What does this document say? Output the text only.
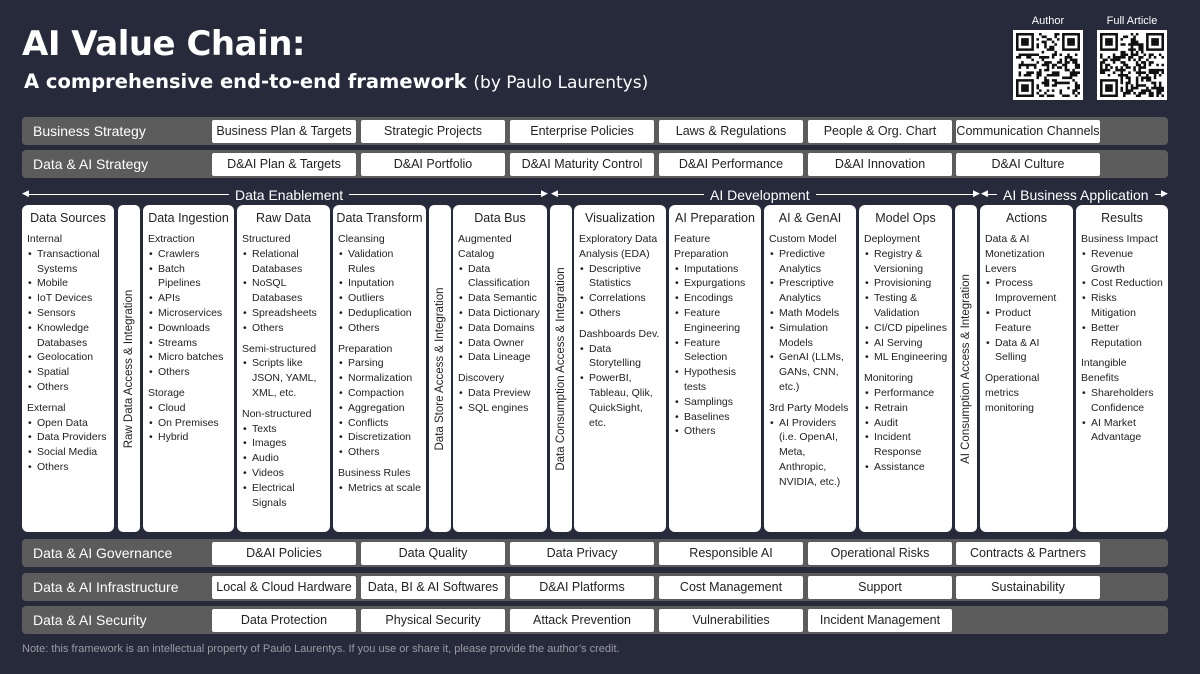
AI Value Chain:
A comprehensive end-to-end framework (by Paulo Laurentys)
Author	Full Article
Business Strategy	Business Plan & Targets	Strategic Projects	Enterprise Policies	Laws & Regulations	People & Org. Chart	Communication Channels
Data & AI Strategy	D&AI Plan & Targets	D&AI Portfolio	D&AI Maturity Control	D&AI Performance	D&AI Innovation	D&AI Culture
◀	▶
Data Enablement	◀	▶
AI Development	◀	▶
AI Business Application
Data Sources
Internal
• Transactional Systems
• Mobile
• IoT Devices
• Sensors
• Knowledge Databases
• Geolocation
• Spatial
• Others
External
• Open Data
• Data Providers
• Social Media
• Others
Raw Data Access & Integration
Data Ingestion
Extraction
• Crawlers
• Batch Pipelines
• APIs
• Microservices
• Downloads
• Streams
• Micro batches
• Others
Storage
• Cloud
• On Premises
• Hybrid
Raw Data
Structured
• Relational Databases
• NoSQL Databases
• Spreadsheets
• Others
Semi-structured
• Scripts like JSON, YAML, XML, etc.
Non-structured
• Texts
• Images
• Audio
• Videos
• Electrical Signals
Data Transform
Cleansing
• Validation Rules
• Inputation
• Outliers
• Deduplication
• Others
Preparation
• Parsing
• Normalization
• Compaction
• Aggregation
• Conflicts
• Discretization
• Others
Business Rules
• Metrics at scale
Data Store Access & Integration
Data Bus
Augmented Catalog
• Data Classification
• Data Semantic
• Data Dictionary
• Data Domains
• Data Owner
• Data Lineage
Discovery
• Data Preview
• SQL engines	Data Consumption Access & Integration
Visualization
Exploratory Data Analysis (EDA)
• Descriptive Statistics
• Correlations
• Others
Dashboards Dev.
• Data Storytelling
• PowerBI, Tableau, Qlik, QuickSight, etc.
AI Preparation
Feature Preparation
• Imputations
• Expurgations
• Encodings
• Feature Engineering
• Feature Selection
• Hypothesis tests
• Samplings
• Baselines
• Others
AI & GenAI
Custom Model
• Predictive Analytics
• Prescriptive Analytics
• Math Models
• Simulation Models
• GenAI (LLMs, GANs, CNN, etc.)
3rd Party Models
• AI Providers (i.e. OpenAI, Meta, Anthropic, NVIDIA, etc.)
Model Ops
Deployment
• Registry & Versioning
• Provisioning
• Testing & Validation
• CI/CD pipelines
• AI Serving
• ML Engineering
Monitoring
• Performance
• Retrain
• Audit
• Incident Response
• Assistance
AI Consumption Access & Integration
Actions
Data & AI Monetization Levers
• Process Improvement
• Product Feature
• Data & AI Selling
Operational metrics monitoring
Results
Business Impact
• Revenue Growth
• Cost Reduction
• Risks Mitigation
• Better Reputation
Intangible Benefits
• Shareholders Confidence
• AI Market Advantage
Data & AI Governance	D&AI Policies	Data Quality	Data Privacy	Responsible AI	Operational Risks	Contracts & Partners
Data & AI Infrastructure	Local & Cloud Hardware	Data, BI & AI Softwares	D&AI Platforms	Cost Management	Support	Sustainability
Data & AI Security	Data Protection	Physical Security	Attack Prevention	Vulnerabilities	Incident Management
Note: this framework is an intellectual property of Paulo Laurentys. If you use or share it, please provide the author’s credit.
